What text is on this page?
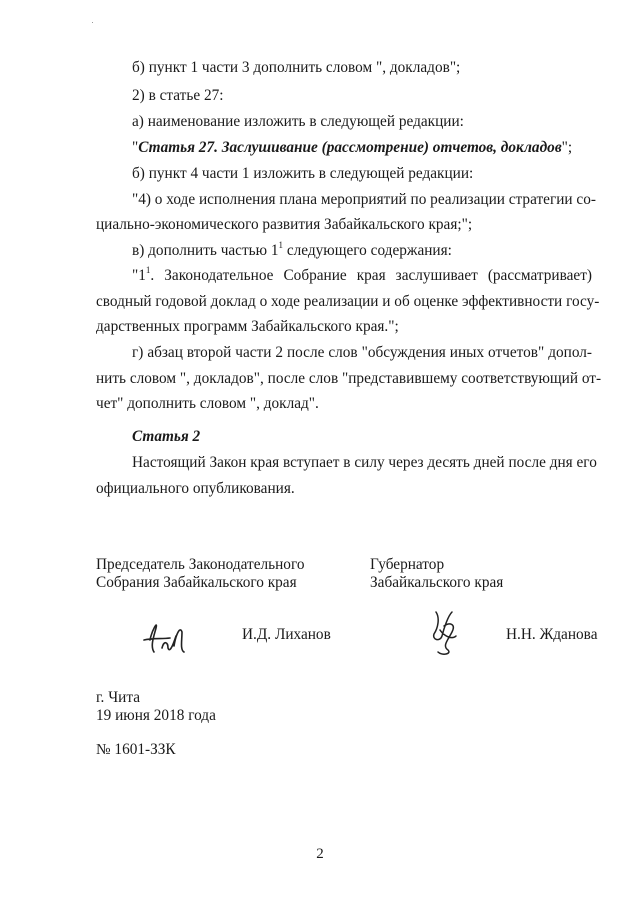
б) пункт 1 части 3 дополнить словом ", докладов";
2) в статье 27:
а) наименование изложить в следующей редакции:
"Статья 27. Заслушивание (рассмотрение) отчетов, докладов";
б) пункт 4 части 1 изложить в следующей редакции:
"4) о ходе исполнения плана мероприятий по реализации стратегии со-
циально-экономического развития Забайкальского края;";
в) дополнить частью $1^1$ следующего содержания:
"$1^1$. Законодательное Собрание края заслушивает (рассматривает)
сводный годовой доклад о ходе реализации и об оценке эффективности госу-
дарственных программ Забайкальского края.";
г) абзац второй части 2 после слов "обсуждения иных отчетов" допол-
нить словом ", докладов", после слов "представившему соответствующий от-
чет" дополнить словом ", доклад".
Статья 2
Настоящий Закон края вступает в силу через десять дней после дня его
официального опубликования.
Председатель Законодательного
Собрания Забайкальского края
Губернатор
Забайкальского края
И.Д. Лиханов	Н.Н. Жданова
г. Чита
19 июня 2018 года
№ 1601-ЗЗК
2
